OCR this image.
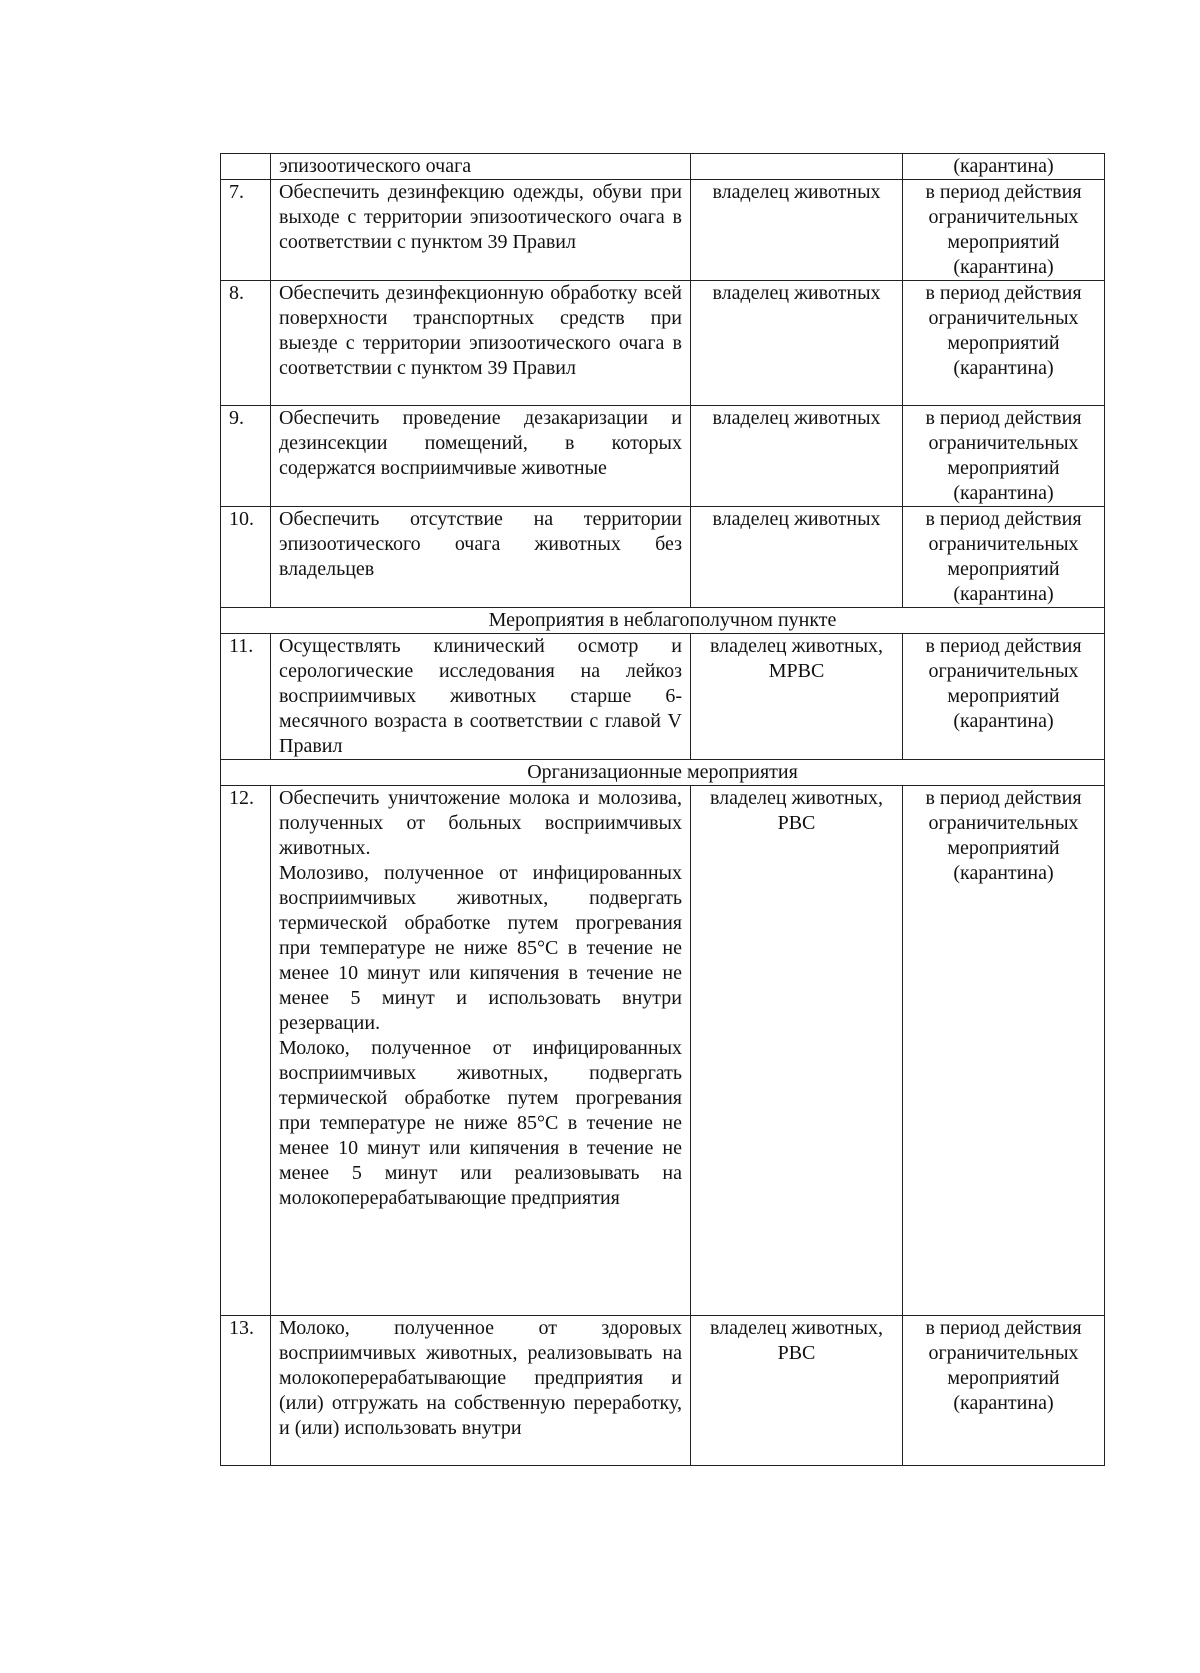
	эпизоотического очага		(карантина)
7.	Обеспечить дезинфекцию одежды, обуви при выходе с территории эпизоотического очага в соответствии с пунктом 39 Правил	владелец животных	в период действия ограничительных мероприятий (карантина)
8.	Обеспечить дезинфекционную обработку всей поверхности транспортных средств при выезде с территории эпизоотического очага в соответствии с пунктом 39 Правил	владелец животных	в период действия ограничительных мероприятий (карантина)
9.	Обеспечить проведение дезакаризации и дезинсекции помещений, в которых содержатся восприимчивые животные	владелец животных	в период действия ограничительных мероприятий (карантина)
10.	Обеспечить отсутствие на территории эпизоотического очага животных без владельцев	владелец животных	в период действия ограничительных мероприятий (карантина)
Мероприятия в неблагополучном пункте			
11.	Осуществлять клинический осмотр и серологические исследования на лейкоз восприимчивых животных старше 6-месячного возраста в соответствии с главой V Правил	владелец животных, МРВС	в период действия ограничительных мероприятий (карантина)
Организационные мероприятия			
12.	Обеспечить уничтожение молока и молозива, полученных от больных восприимчивых животных.
Молозиво, полученное от инфицированных восприимчивых животных, подвергать термической обработке путем прогревания при температуре не ниже 85°С в течение не менее 10 минут или кипячения в течение не менее 5 минут и использовать внутри резервации.
Молоко, полученное от инфицированных восприимчивых животных, подвергать термической обработке путем прогревания при температуре не ниже 85°С в течение не менее 10 минут или кипячения в течение не менее 5 минут или реализовывать на молокоперерабатывающие предприятия	владелец животных, РВС	в период действия ограничительных мероприятий (карантина)
13.	Молоко, полученное от здоровых восприимчивых животных, реализовывать на молокоперерабатывающие предприятия и (или) отгружать на собственную переработку, и (или) использовать внутри	владелец животных, РВС	в период действия ограничительных мероприятий (карантина)
